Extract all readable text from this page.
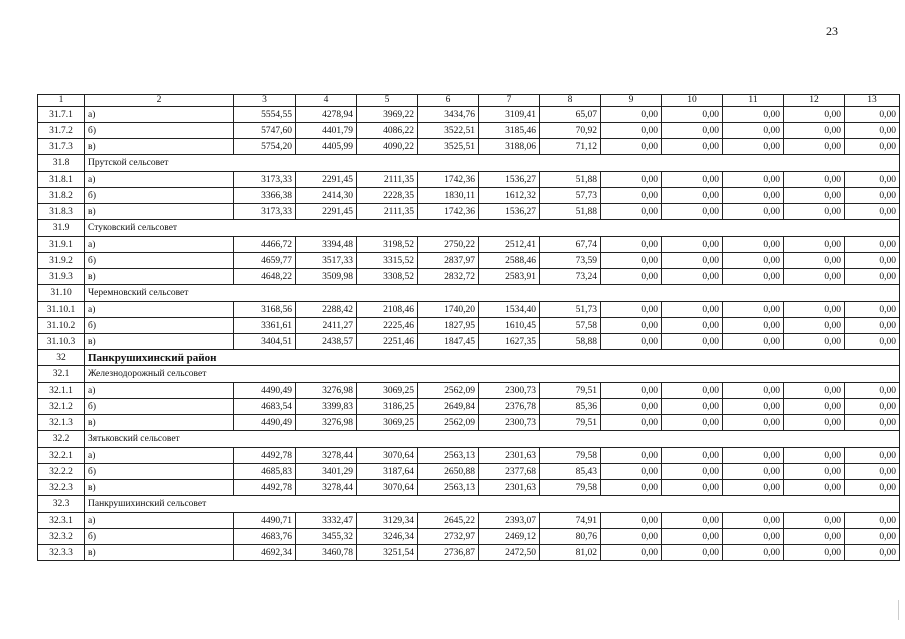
23
1	2	3	4	5	6	7	8	9	10	11	12	13
31.7.1	а)	5554,55	4278,94	3969,22	3434,76	3109,41	65,07	0,00	0,00	0,00	0,00	0,00
31.7.2	б)	5747,60	4401,79	4086,22	3522,51	3185,46	70,92	0,00	0,00	0,00	0,00	0,00
31.7.3	в)	5754,20	4405,99	4090,22	3525,51	3188,06	71,12	0,00	0,00	0,00	0,00	0,00
31.8	Прутской сельсовет											
31.8.1	а)	3173,33	2291,45	2111,35	1742,36	1536,27	51,88	0,00	0,00	0,00	0,00	0,00
31.8.2	б)	3366,38	2414,30	2228,35	1830,11	1612,32	57,73	0,00	0,00	0,00	0,00	0,00
31.8.3	в)	3173,33	2291,45	2111,35	1742,36	1536,27	51,88	0,00	0,00	0,00	0,00	0,00
31.9	Стуковский сельсовет											
31.9.1	а)	4466,72	3394,48	3198,52	2750,22	2512,41	67,74	0,00	0,00	0,00	0,00	0,00
31.9.2	б)	4659,77	3517,33	3315,52	2837,97	2588,46	73,59	0,00	0,00	0,00	0,00	0,00
31.9.3	в)	4648,22	3509,98	3308,52	2832,72	2583,91	73,24	0,00	0,00	0,00	0,00	0,00
31.10	Черемновский сельсовет											
31.10.1	а)	3168,56	2288,42	2108,46	1740,20	1534,40	51,73	0,00	0,00	0,00	0,00	0,00
31.10.2	б)	3361,61	2411,27	2225,46	1827,95	1610,45	57,58	0,00	0,00	0,00	0,00	0,00
31.10.3	в)	3404,51	2438,57	2251,46	1847,45	1627,35	58,88	0,00	0,00	0,00	0,00	0,00
32	Панкрушихинский район											
32.1	Железнодорожный сельсовет											
32.1.1	а)	4490,49	3276,98	3069,25	2562,09	2300,73	79,51	0,00	0,00	0,00	0,00	0,00
32.1.2	б)	4683,54	3399,83	3186,25	2649,84	2376,78	85,36	0,00	0,00	0,00	0,00	0,00
32.1.3	в)	4490,49	3276,98	3069,25	2562,09	2300,73	79,51	0,00	0,00	0,00	0,00	0,00
32.2	Зятьковский сельсовет											
32.2.1	а)	4492,78	3278,44	3070,64	2563,13	2301,63	79,58	0,00	0,00	0,00	0,00	0,00
32.2.2	б)	4685,83	3401,29	3187,64	2650,88	2377,68	85,43	0,00	0,00	0,00	0,00	0,00
32.2.3	в)	4492,78	3278,44	3070,64	2563,13	2301,63	79,58	0,00	0,00	0,00	0,00	0,00
32.3	Панкрушихинский сельсовет											
32.3.1	а)	4490,71	3332,47	3129,34	2645,22	2393,07	74,91	0,00	0,00	0,00	0,00	0,00
32.3.2	б)	4683,76	3455,32	3246,34	2732,97	2469,12	80,76	0,00	0,00	0,00	0,00	0,00
32.3.3	в)	4692,34	3460,78	3251,54	2736,87	2472,50	81,02	0,00	0,00	0,00	0,00	0,00
